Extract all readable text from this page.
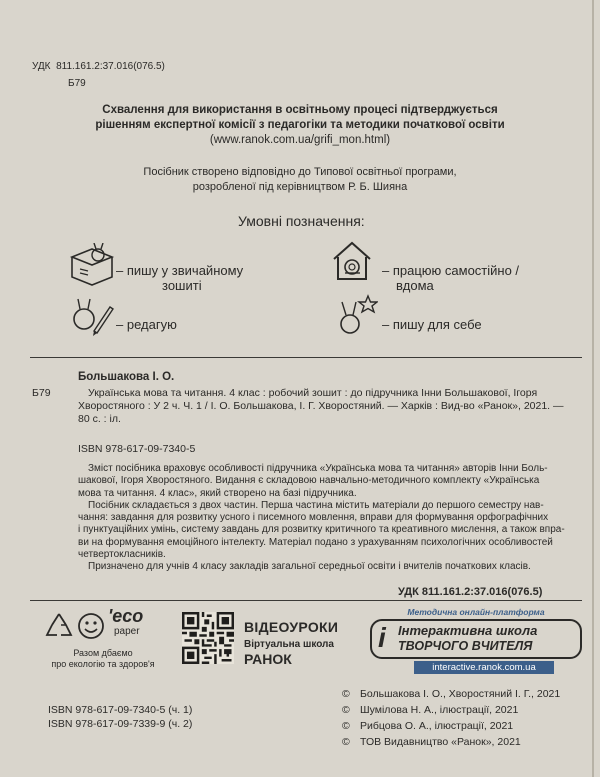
УДК 811.161.2:37.016(076.5)
Б79
Схвалення для використання в освітньому процесі підтверджується
рішенням експертної комісії з педагогіки та методики початкової освіти
(www.ranok.com.ua/grifi_mon.html)
Посібник створено відповідно до Типової освітньої програми,
розробленої під керівництвом Р. Б. Шияна
Умовні позначення:
– пишу у звичайному
зошиті
– працюю самостійно /
вдома
– редагую	– пишу для себе
Большакова І. О.
Б79	Українська мова та читання. 4 клас : робочий зошит : до підручника Інни Большакової, Ігоря
Хворостяного : У 2 ч. Ч. 1 / І. О. Большакова, І. Г. Хворостяний. — Харків : Вид-во «Ранок», 2021. —
80 с. : іл.
ISBN 978-617-09-7340-5
Зміст посібника враховує особливості підручника «Українська мова та читання» авторів Інни Боль-
шакової, Ігоря Хворостяного. Видання є складовою навчально-методичного комплекту «Українська
мова та читання. 4 клас», який створено на базі підручника.
Посібник складається з двох частин. Перша частина містить матеріали до першого семестру нав-
чання: завдання для розвитку усного і писемного мовлення, вправи для формування орфографічних
і пунктуаційних умінь, систему завдань для розвитку критичного та креативного мислення, а також впра-
ви на формування емоційного інтелекту. Матеріал подано з урахуванням психологічних особливостей
четвертокласників.
Призначено для учнів 4 класу закладів загальної середньої освіти і вчителів початкових класів.
УДК 811.161.2:37.016(076.5)
'eco
paper
Разом дбаємо
про екологію та здоров'я
ВІДЕОУРОКИ
Віртуальна школа
РАНОК
Методична онлайн-платформа
i Інтерактивна школа
ТВОРЧОГО ВЧИТЕЛЯ
interactive.ranok.com.ua
ISBN 978-617-09-7340-5 (ч. 1)
ISBN 978-617-09-7339-9 (ч. 2)
© Большакова І. О., Хворостяний І. Г., 2021
© Шумілова Н. А., ілюстрації, 2021
© Рибцова О. А., ілюстрації, 2021
© ТОВ Видавництво «Ранок», 2021
